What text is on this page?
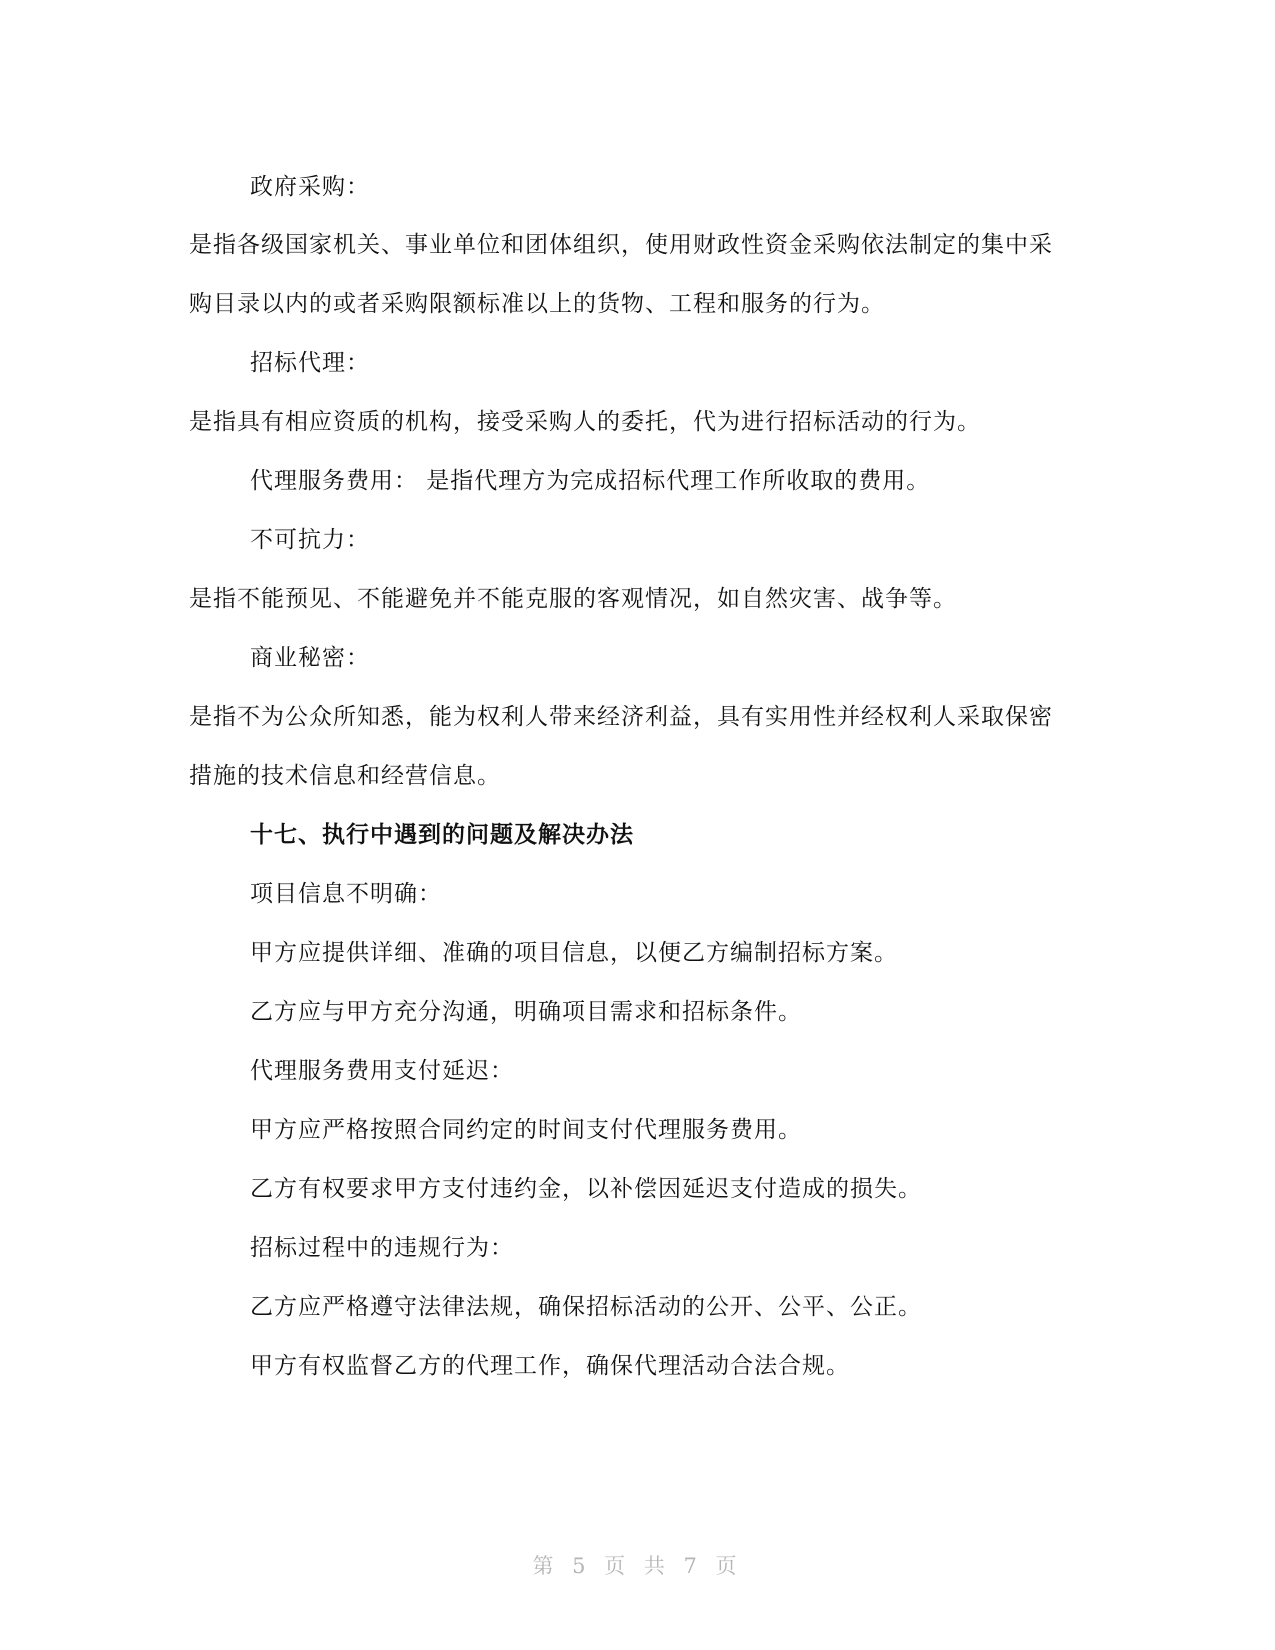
政府采购：
是指各级国家机关、事业单位和团体组织，使用财政性资金采购依法制定的集中采
购目录以内的或者采购限额标准以上的货物、工程和服务的行为。
招标代理：
是指具有相应资质的机构，接受采购人的委托，代为进行招标活动的行为。
代理服务费用： 是指代理方为完成招标代理工作所收取的费用。
不可抗力：
是指不能预见、不能避免并不能克服的客观情况，如自然灾害、战争等。
商业秘密：
是指不为公众所知悉，能为权利人带来经济利益，具有实用性并经权利人采取保密
措施的技术信息和经营信息。
十七、执行中遇到的问题及解决办法
项目信息不明确：
甲方应提供详细、准确的项目信息，以便乙方编制招标方案。
乙方应与甲方充分沟通，明确项目需求和招标条件。
代理服务费用支付延迟：
甲方应严格按照合同约定的时间支付代理服务费用。
乙方有权要求甲方支付违约金，以补偿因延迟支付造成的损失。
招标过程中的违规行为：
乙方应严格遵守法律法规，确保招标活动的公开、公平、公正。
甲方有权监督乙方的代理工作，确保代理活动合法合规。
第 5 页 共 7 页
